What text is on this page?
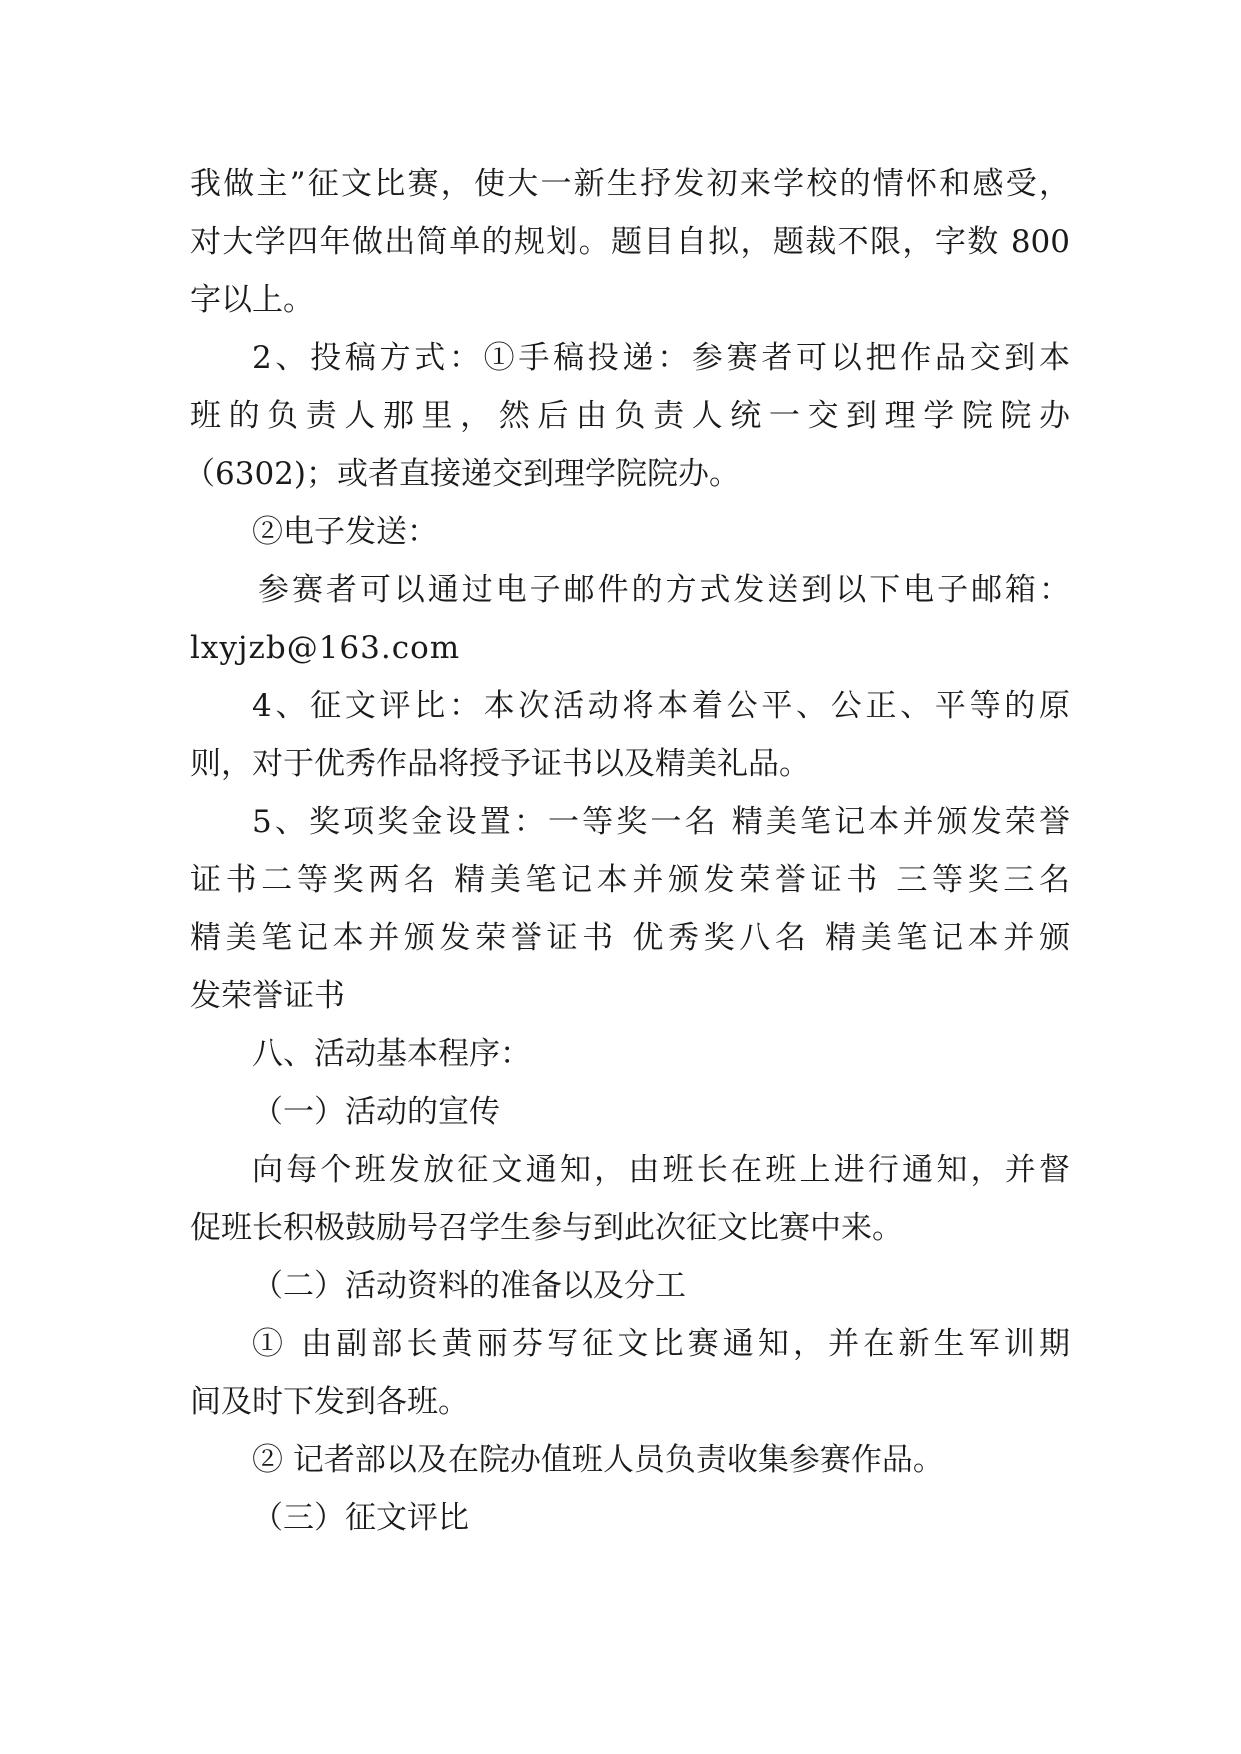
我做主”征文比赛，使大一新生抒发初来学校的情怀和感受，

对大学四年做出简单的规划。题目自拟，题裁不限，字数 800

字以上。

2、投稿方式：①手稿投递：参赛者可以把作品交到本

班的负责人那里，然后由负责人统一交到理学院院办

（6302)；或者直接递交到理学院院办。

②电子发送：

参赛者可以通过电子邮件的方式发送到以下电子邮箱：

lxyjzb@163.com

4、征文评比：本次活动将本着公平、公正、平等的原

则，对于优秀作品将授予证书以及精美礼品。

5、奖项奖金设置：一等奖一名 精美笔记本并颁发荣誉

证书二等奖两名 精美笔记本并颁发荣誉证书 三等奖三名

精美笔记本并颁发荣誉证书 优秀奖八名 精美笔记本并颁

发荣誉证书

八、活动基本程序：

（一）活动的宣传

向每个班发放征文通知，由班长在班上进行通知，并督

促班长积极鼓励号召学生参与到此次征文比赛中来。

（二）活动资料的准备以及分工

① 由副部长黄丽芬写征文比赛通知，并在新生军训期

间及时下发到各班。

② 记者部以及在院办值班人员负责收集参赛作品。

（三）征文评比
